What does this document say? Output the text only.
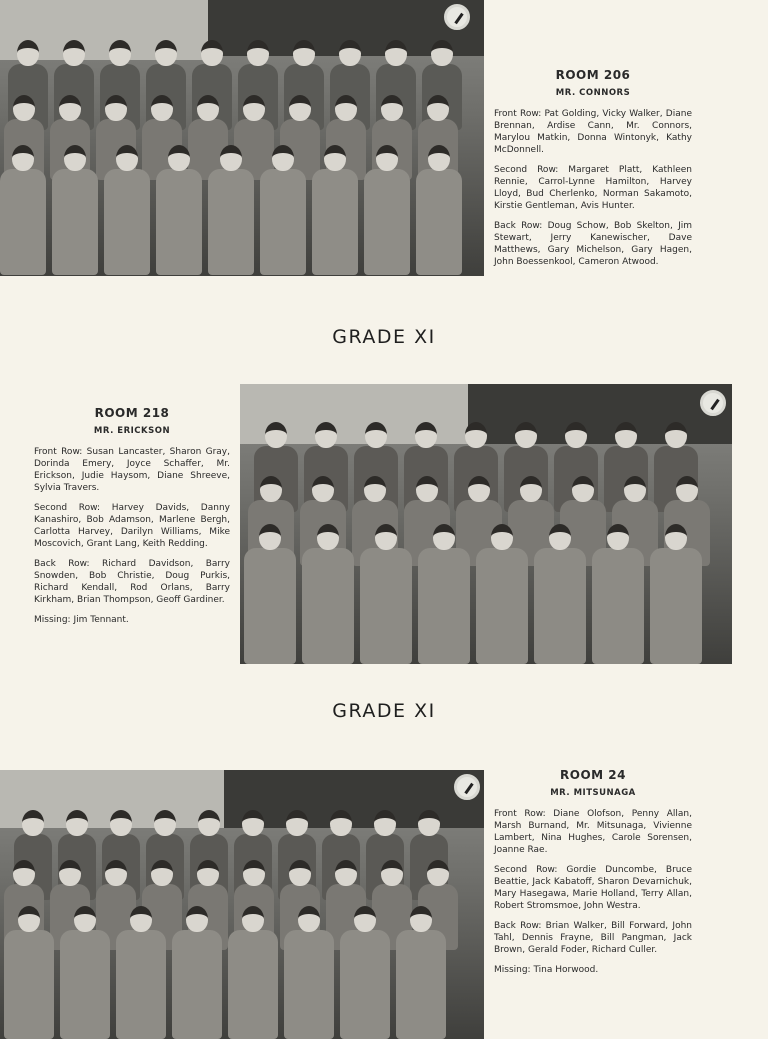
ROOM 206
MR. CONNORS

Front Row: Pat Golding, Vicky Walker, Diane Brennan, Ardise Cann, Mr. Connors, Marylou Matkin, Donna Wintonyk, Kathy McDonnell.

Second Row: Margaret Platt, Kathleen Rennie, Carrol-Lynne Hamilton, Harvey Lloyd, Bud Cherlenko, Norman Sakamoto, Kirstie Gentleman, Avis Hunter.

Back Row: Doug Schow, Bob Skelton, Jim Stewart, Jerry Kanewischer, Dave Matthews, Gary Michelson, Gary Hagen, John Boessenkool, Cameron Atwood.

GRADE XI
ROOM 218
MR. ERICKSON

Front Row: Susan Lancaster, Sharon Gray, Dorinda Emery, Joyce Schaffer, Mr. Erickson, Judie Haysom, Diane Shreeve, Sylvia Travers.

Second Row: Harvey Davids, Danny Kanashiro, Bob Adamson, Marlene Bergh, Carlotta Harvey, Darilyn Williams, Mike Moscovich, Grant Lang, Keith Redding.

Back Row: Richard Davidson, Barry Snowden, Bob Christie, Doug Purkis, Richard Kendall, Rod Orlans, Barry Kirkham, Brian Thompson, Geoff Gardiner.

Missing: Jim Tennant.

GRADE XI
ROOM 24
MR. MITSUNAGA

Front Row: Diane Olofson, Penny Allan, Marsh Burnand, Mr. Mitsunaga, Vivienne Lambert, Nina Hughes, Carole Sorensen, Joanne Rae.

Second Row: Gordie Duncombe, Bruce Beattie, Jack Kabatoff, Sharon Devarnichuk, Mary Hasegawa, Marie Holland, Terry Allan, Robert Stromsmoe, John Westra.

Back Row: Brian Walker, Bill Forward, John Tahl, Dennis Frayne, Bill Pangman, Jack Brown, Gerald Foder, Richard Culler.

Missing: Tina Horwood.
